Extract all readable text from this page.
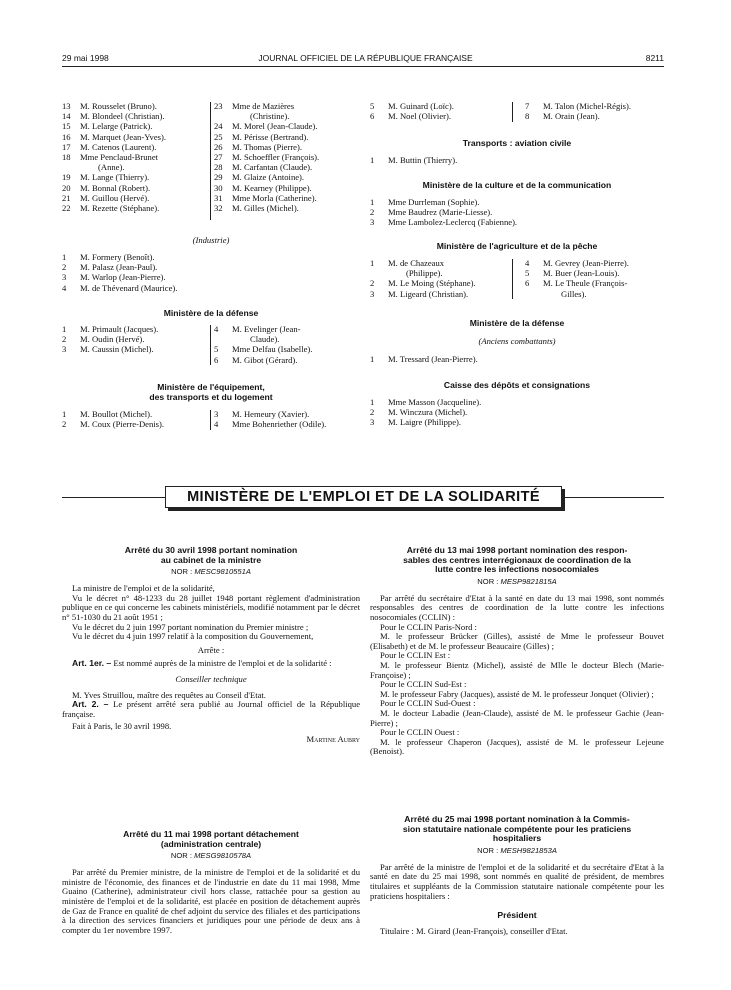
29 mai 1998	JOURNAL OFFICIEL DE LA RÉPUBLIQUE FRANÇAISE	8211
13	M. Rousselet (Bruno).
14	M. Blondeel (Christian).
15	M. Lelarge (Patrick).
16	M. Marquet (Jean-Yves).
17	M. Catenos (Laurent).
18	Mme Penclaud-Brunet
(Anne).
19	M. Lange (Thierry).
20	M. Bonnal (Robert).
21	M. Guillou (Hervé).
22	M. Rezette (Stéphane).
23	Mme de Mazières
(Christine).
24	M. Morel (Jean-Claude).
25	M. Périsse (Bertrand).
26	M. Thomas (Pierre).
27	M. Schoeffler (François).
28	M. Carfantan (Claude).
29	M. Glaize (Antoine).
30	M. Kearney (Philippe).
31	Mme Morla (Catherine).
32	M. Gilles (Michel).
(Industrie)
1	M. Formery (Benoît).
2	M. Palasz (Jean-Paul).
3	M. Warlop (Jean-Pierre).
4	M. de Thévenard (Maurice).
Ministère de la défense
1	M. Primault (Jacques).
2	M. Oudin (Hervé).
3	M. Caussin (Michel).
4	M. Evelinger (Jean-
Claude).
5	Mme Delfau (Isabelle).
6	M. Gibot (Gérard).
Ministère de l'équipement,
des transports et du logement
1	M. Boullot (Michel).
2	M. Coux (Pierre-Denis).
3	M. Hemeury (Xavier).
4	Mme Bohenriether (Odile).
5	M. Guinard (Loïc).
6	M. Noel (Olivier).
7	M. Talon (Michel-Régis).
8	M. Orain (Jean).
Transports : aviation civile
1	M. Buttin (Thierry).
Ministère de la culture et de la communication
1	Mme Durrleman (Sophie).
2	Mme Baudrez (Marie-Liesse).
3	Mme Lambolez-Leclercq (Fabienne).
Ministère de l'agriculture et de la pêche
1	M. de Chazeaux
(Philippe).
2	M. Le Moing (Stéphane).
3	M. Ligeard (Christian).
4	M. Gevrey (Jean-Pierre).
5	M. Buer (Jean-Louis).
6	M. Le Theule (François-
Gilles).
Ministère de la défense
(Anciens combattants)
1	M. Tressard (Jean-Pierre).
Caisse des dépôts et consignations
1	Mme Masson (Jacqueline).
2	M. Winczura (Michel).
3	M. Laigre (Philippe).
MINISTÈRE DE L'EMPLOI ET DE LA SOLIDARITÉ
Arrêté du 30 avril 1998 portant nomination
au cabinet de la ministre
NOR : MESC9810551A

La ministre de l'emploi et de la solidarité,

Vu le décret n° 48-1233 du 28 juillet 1948 portant règlement d'administration publique en ce qui concerne les cabinets ministériels, modifié notamment par le décret n° 51-1030 du 21 août 1951 ;

Vu le décret du 2 juin 1997 portant nomination du Premier ministre ;

Vu le décret du 4 juin 1997 relatif à la composition du Gouvernement,

Arrête :

Art. 1er. – Est nommé auprès de la ministre de l'emploi et de la solidarité :

Conseiller technique

M. Yves Struillou, maître des requêtes au Conseil d'Etat.

Art. 2. – Le présent arrêté sera publié au Journal officiel de la République française.

Fait à Paris, le 30 avril 1998.

Martine Aubry
Arrêté du 11 mai 1998 portant détachement
(administration centrale)
NOR : MESG9810578A

Par arrêté du Premier ministre, de la ministre de l'emploi et de la solidarité et du ministre de l'économie, des finances et de l'industrie en date du 11 mai 1998, Mme Guaino (Catherine), administrateur civil hors classe, rattachée pour sa gestion au ministère de l'emploi et de la solidarité, est placée en position de détachement auprès de Gaz de France en qualité de chef adjoint du service des filiales et des participations à la direction des services financiers et juridiques pour une période de deux ans à compter du 1er novembre 1997.

Arrêté du 13 mai 1998 portant nomination des respon-
sables des centres interrégionaux de coordination de la
lutte contre les infections nosocomiales
NOR : MESP9821815A

Par arrêté du secrétaire d'Etat à la santé en date du 13 mai 1998, sont nommés responsables des centres de coordination de la lutte contre les infections nosocomiales (CCLIN) :

Pour le CCLIN Paris-Nord :

M. le professeur Brücker (Gilles), assisté de Mme le professeur Bouvet (Elisabeth) et de M. le professeur Beaucaire (Gilles) ;

Pour le CCLIN Est :

M. le professeur Bientz (Michel), assisté de Mlle le docteur Blech (Marie-Françoise) ;

Pour le CCLIN Sud-Est :

M. le professeur Fabry (Jacques), assisté de M. le professeur Jonquet (Olivier) ;

Pour le CCLIN Sud-Ouest :

M. le docteur Labadie (Jean-Claude), assisté de M. le professeur Gachie (Jean-Pierre) ;

Pour le CCLIN Ouest :

M. le professeur Chaperon (Jacques), assisté de M. le professeur Lejeune (Benoist).

Arrêté du 25 mai 1998 portant nomination à la Commis-
sion statutaire nationale compétente pour les praticiens
hospitaliers
NOR : MESH9821853A

Par arrêté de la ministre de l'emploi et de la solidarité et du secrétaire d'Etat à la santé en date du 25 mai 1998, sont nommés en qualité de président, de membres titulaires et suppléants de la Commission statutaire nationale compétente pour les praticiens hospitaliers :

Président

Titulaire : M. Girard (Jean-François), conseiller d'Etat.
